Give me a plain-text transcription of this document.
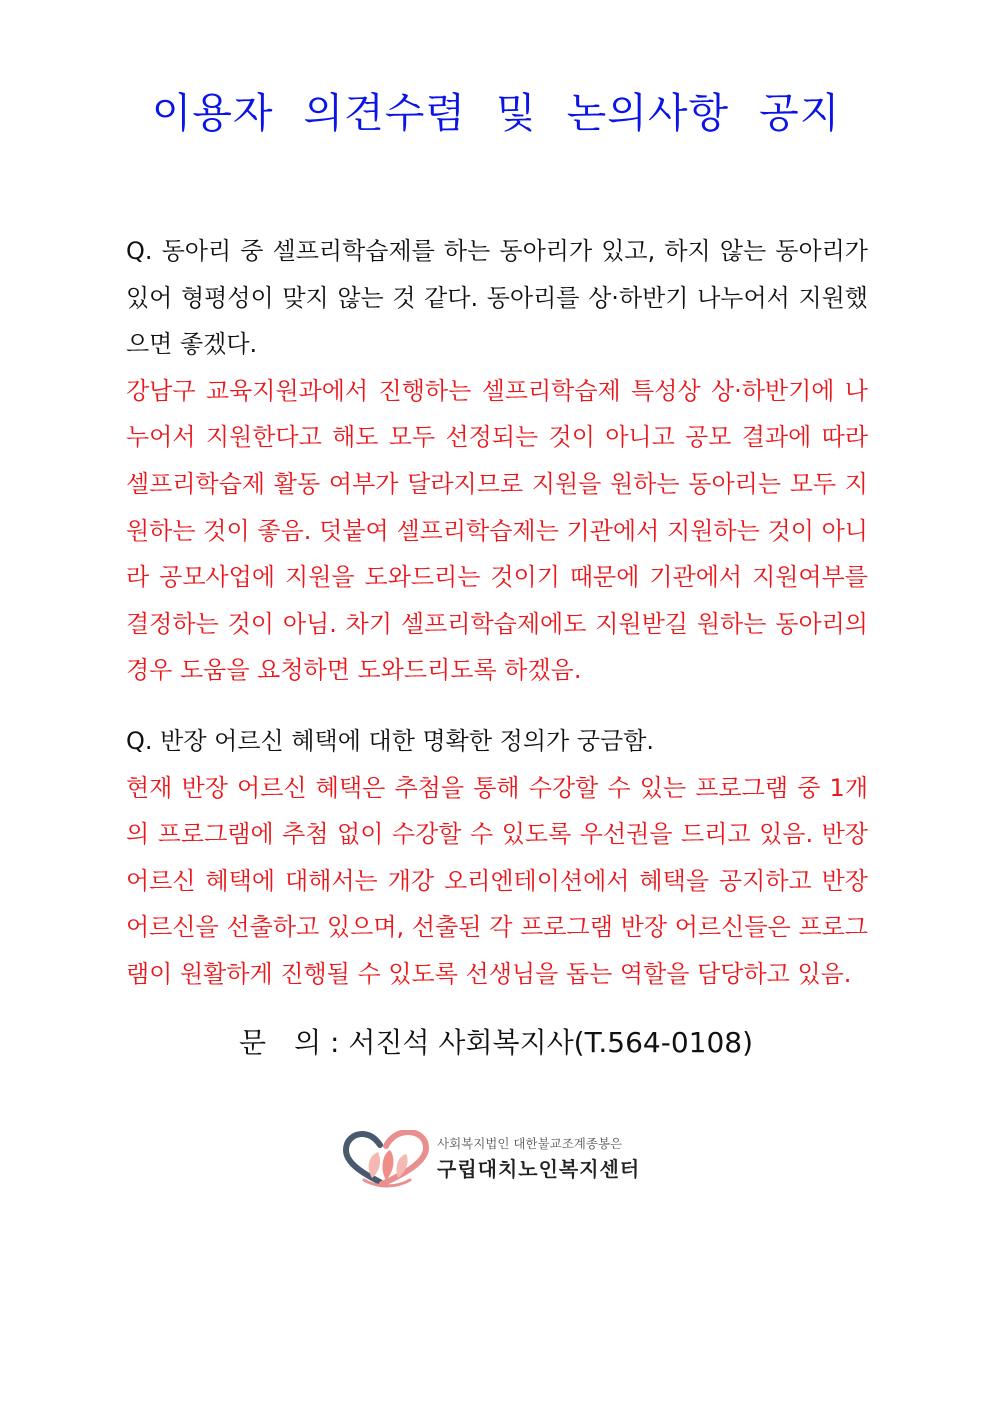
이용자 의견수렴 및 논의사항 공지
Q. 동아리 중 셀프리학습제를 하는 동아리가 있고, 하지 않는 동아리가 있어 형평성이 맞지 않는 것 같다. 동아리를 상·하반기 나누어서 지원했으면 좋겠다.
강남구 교육지원과에서 진행하는 셀프리학습제 특성상 상·하반기에 나누어서 지원한다고 해도 모두 선정되는 것이 아니고 공모 결과에 따라 셀프리학습제 활동 여부가 달라지므로 지원을 원하는 동아리는 모두 지원하는 것이 좋음. 덧붙여 셀프리학습제는 기관에서 지원하는 것이 아니라 공모사업에 지원을 도와드리는 것이기 때문에 기관에서 지원여부를 결정하는 것이 아님. 차기 셀프리학습제에도 지원받길 원하는 동아리의 경우 도움을 요청하면 도와드리도록 하겠음.
Q. 반장 어르신 혜택에 대한 명확한 정의가 궁금함.
현재 반장 어르신 혜택은 추첨을 통해 수강할 수 있는 프로그램 중 1개의 프로그램에 추첨 없이 수강할 수 있도록 우선권을 드리고 있음. 반장 어르신 혜택에 대해서는 개강 오리엔테이션에서 혜택을 공지하고 반장 어르신을 선출하고 있으며, 선출된 각 프로그램 반장 어르신들은 프로그램이 원활하게 진행될 수 있도록 선생님을 돕는 역할을 담당하고 있음.
문 의 : 서진석 사회복지사(T.564-0108)
사회복지법인 대한불교조계종봉은
구립대치노인복지센터
